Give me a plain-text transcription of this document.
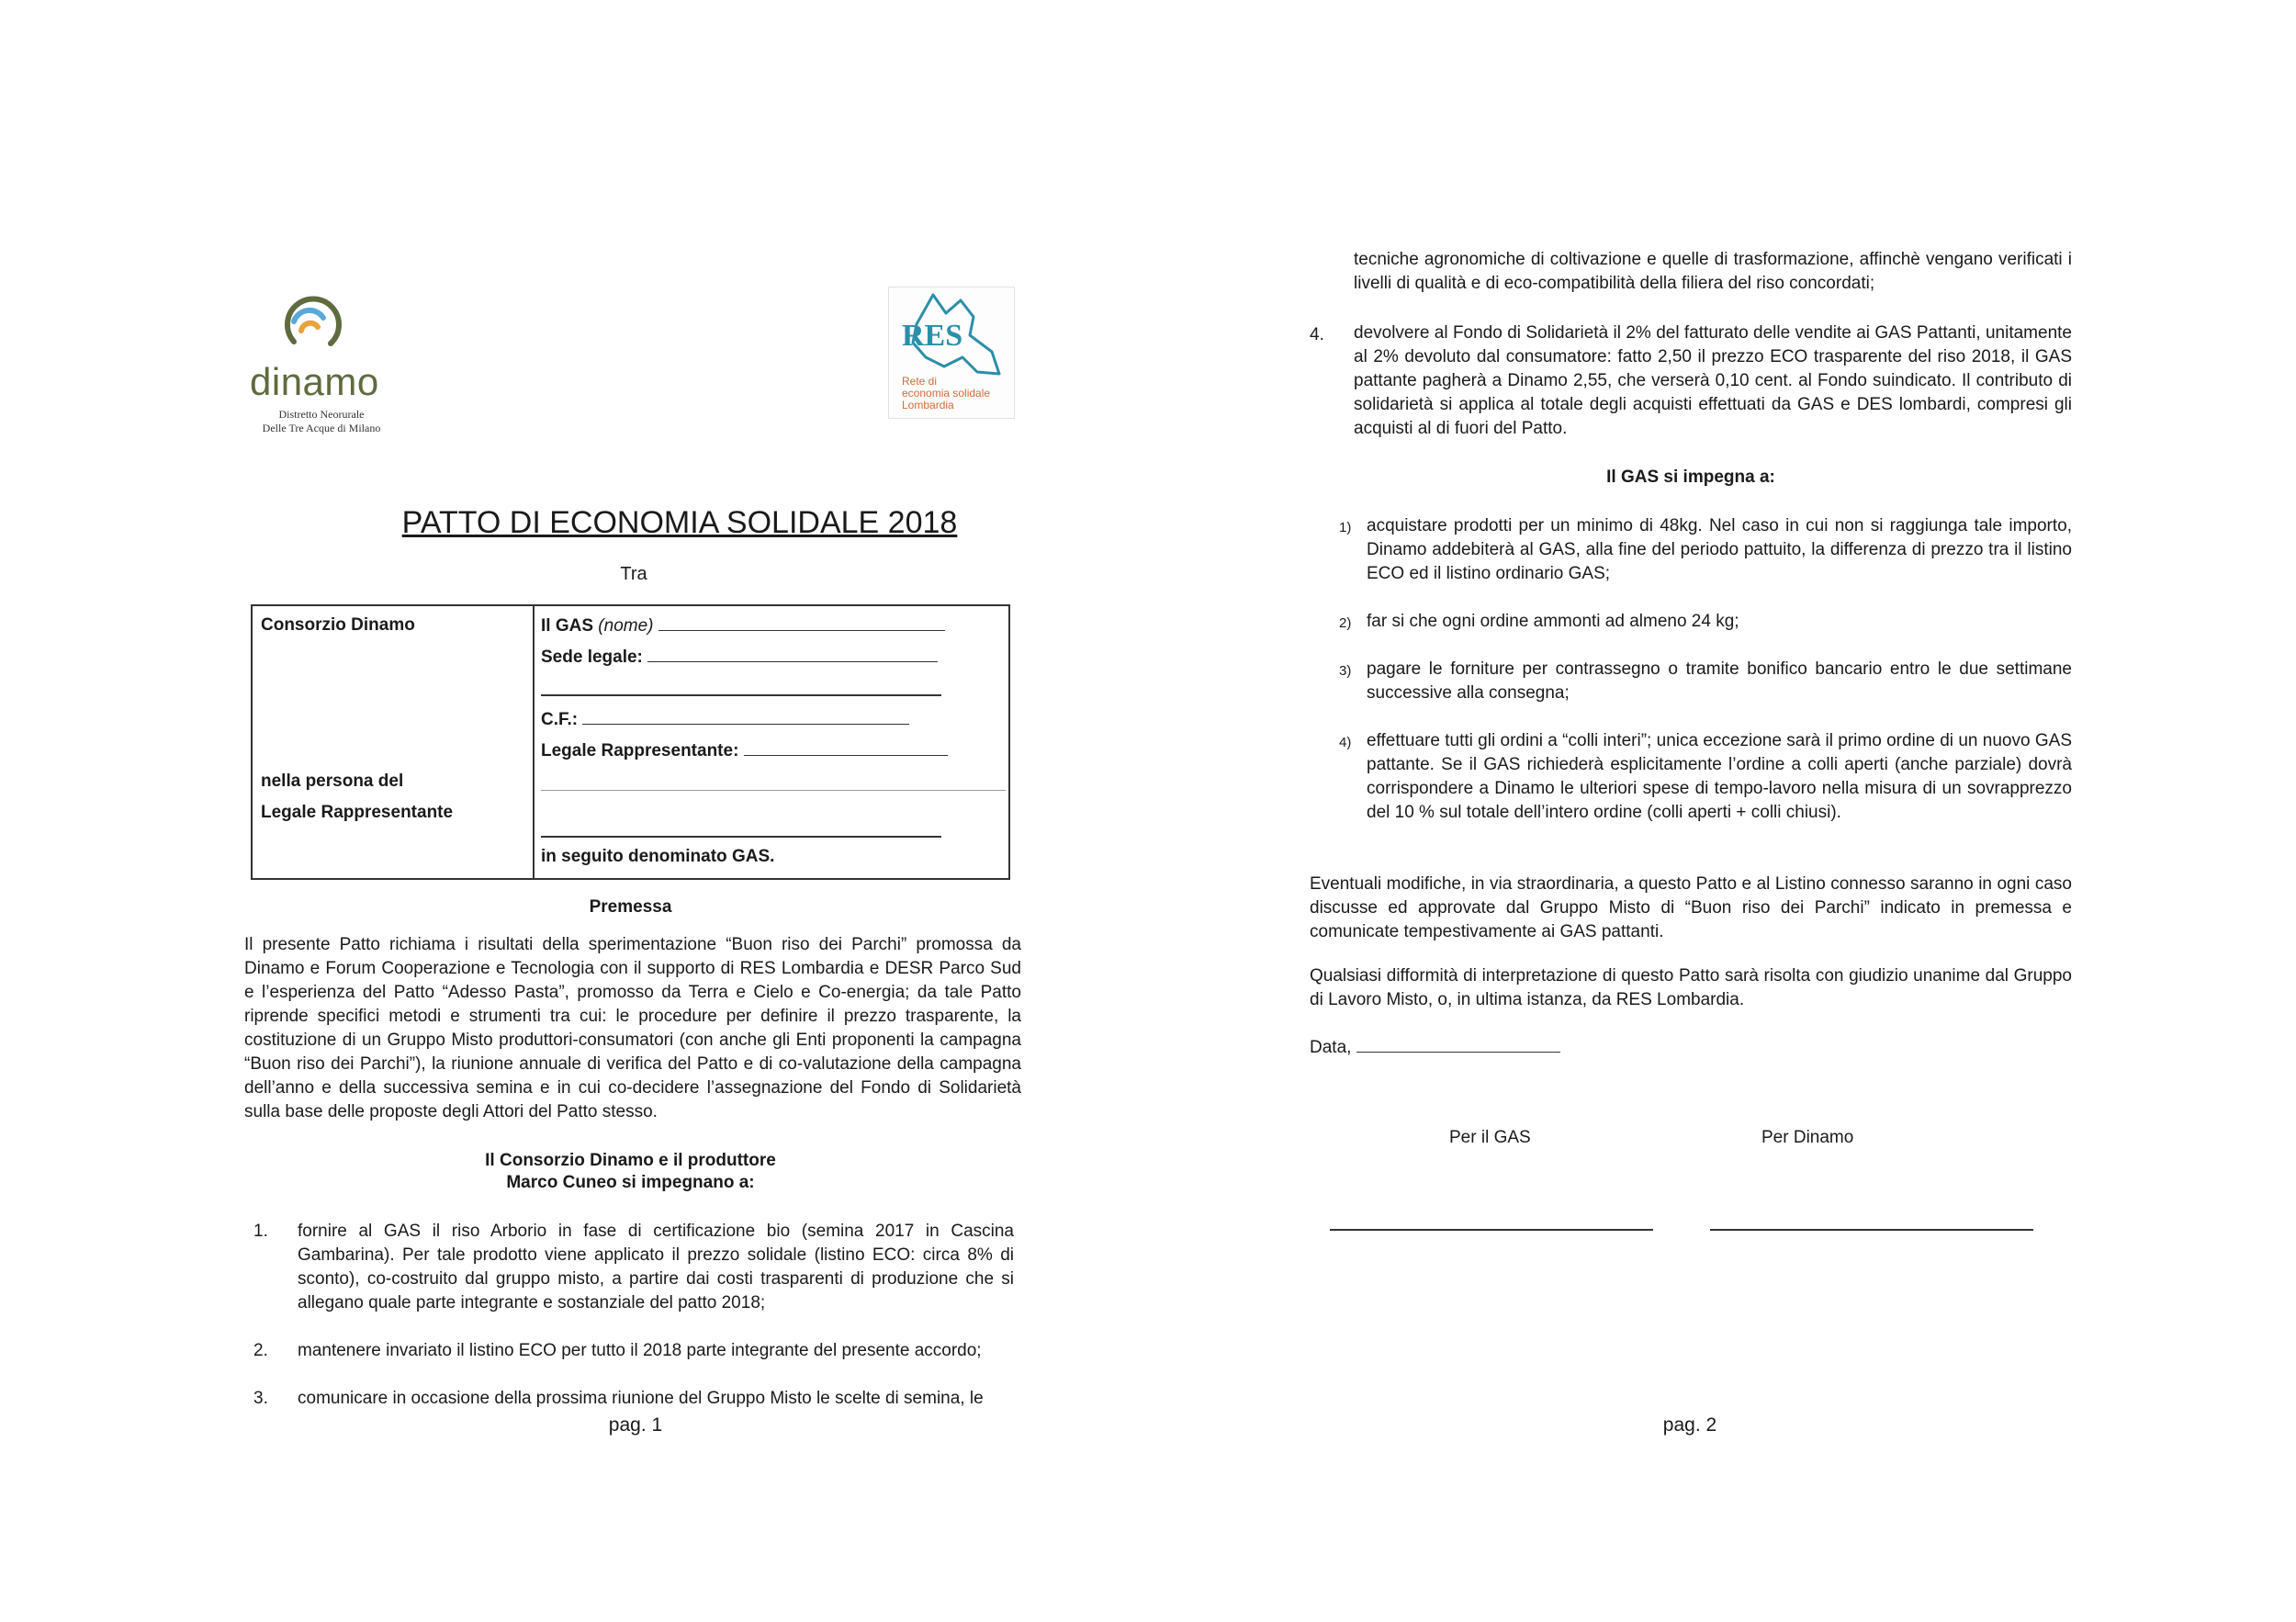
dinamo
Distretto Neorurale
Delle Tre Acque di Milano
RES
Rete di
economia solidale
Lombardia
PATTO DI ECONOMIA SOLIDALE 2018
Tra
Consorzio Dinamo
nella persona del
Legale Rappresentante
Il GAS (nome)
Sede legale:
C.F.:
Legale Rappresentante:
in seguito denominato GAS.
Premessa

Il presente Patto richiama i risultati della sperimentazione “Buon riso dei Parchi” promossa da Dinamo e Forum Cooperazione e Tecnologia con il supporto di RES Lombardia e DESR Parco Sud e l’esperienza del Patto “Adesso Pasta”, promosso da Terra e Cielo e Co-energia; da tale Patto riprende specifici metodi e strumenti tra cui: le procedure per definire il prezzo trasparente, la costituzione di un Gruppo Misto produttori-consumatori (con anche gli Enti proponenti la campagna “Buon riso dei Parchi”), la riunione annuale di verifica del Patto e di co-valutazione della campagna dell’anno e della successiva semina e in cui co-decidere l’assegnazione del Fondo di Solidarietà sulla base delle proposte degli Attori del Patto stesso.

Il Consorzio Dinamo e il produttore
Marco Cuneo si impegnano a:
1. fornire al GAS il riso Arborio in fase di certificazione bio (semina 2017 in Cascina Gambarina). Per tale prodotto viene applicato il prezzo solidale (listino ECO: circa 8% di sconto), co-costruito dal gruppo misto, a partire dai costi trasparenti di produzione che si allegano quale parte integrante e sostanziale del patto 2018;

2. mantenere invariato il listino ECO per tutto il 2018 parte integrante del presente accordo;

3. comunicare in occasione della prossima riunione del Gruppo Misto le scelte di semina, le

pag. 1

tecniche agronomiche di coltivazione e quelle di trasformazione, affinchè vengano verificati i livelli di qualità e di eco-compatibilità della filiera del riso concordati;

4. devolvere al Fondo di Solidarietà il 2% del fatturato delle vendite ai GAS Pattanti, unitamente al 2% devoluto dal consumatore: fatto 2,50 il prezzo ECO trasparente del riso 2018, il GAS pattante pagherà a Dinamo 2,55, che verserà 0,10 cent. al Fondo suindicato. Il contributo di solidarietà si applica al totale degli acquisti effettuati da GAS e DES lombardi, compresi gli acquisti al di fuori del Patto.

Il GAS si impegna a:
1) acquistare prodotti per un minimo di 48kg. Nel caso in cui non si raggiunga tale importo, Dinamo addebiterà al GAS, alla fine del periodo pattuito, la differenza di prezzo tra il listino ECO ed il listino ordinario GAS;

2) far si che ogni ordine ammonti ad almeno 24 kg;

3) pagare le forniture per contrassegno o tramite bonifico bancario entro le due settimane successive alla consegna;

4) effettuare tutti gli ordini a “colli interi”; unica eccezione sarà il primo ordine di un nuovo GAS pattante. Se il GAS richiederà esplicitamente l’ordine a colli aperti (anche parziale) dovrà corrispondere a Dinamo le ulteriori spese di tempo-lavoro nella misura di un sovrapprezzo del 10 % sul totale dell’intero ordine (colli aperti + colli chiusi).

Eventuali modifiche, in via straordinaria, a questo Patto e al Listino connesso saranno in ogni caso discusse ed approvate dal Gruppo Misto di “Buon riso dei Parchi” indicato in premessa e comunicate tempestivamente ai GAS pattanti.

Qualsiasi difformità di interpretazione di questo Patto sarà risolta con giudizio unanime dal Gruppo di Lavoro Misto, o, in ultima istanza, da RES Lombardia.

Data,
Per il GAS	Per Dinamo
pag. 2
